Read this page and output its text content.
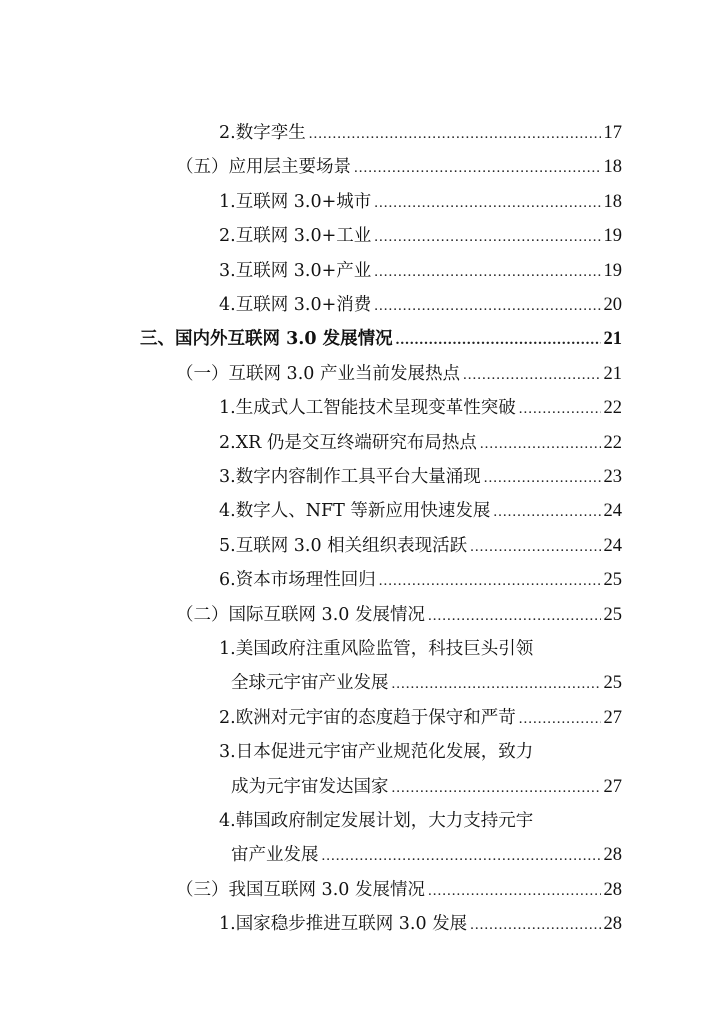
2.数字孪生 .....	17
（五）应用层主要场景 .....	18
1.互联网 3.0+城市 .....	18
2.互联网 3.0+工业 .....	19
3.互联网 3.0+产业 .....	19
4.互联网 3.0+消费 .....	20
三、国内外互联网 3.0 发展情况 .....	21
（一）互联网 3.0 产业当前发展热点 .....	21
1.生成式人工智能技术呈现变革性突破 .....	22
2.XR 仍是交互终端研究布局热点 .....	22
3.数字内容制作工具平台大量涌现 .....	23
4.数字人、NFT 等新应用快速发展 .....	24
5.互联网 3.0 相关组织表现活跃 .....	24
6.资本市场理性回归 .....	25
（二）国际互联网 3.0 发展情况 .....	25
1.美国政府注重风险监管，科技巨头引领
全球元宇宙产业发展 .....	25
2.欧洲对元宇宙的态度趋于保守和严苛 .....	27
3.日本促进元宇宙产业规范化发展，致力
成为元宇宙发达国家 .....	27
4.韩国政府制定发展计划，大力支持元宇
宙产业发展 .....	28
（三）我国互联网 3.0 发展情况 .....	28
1.国家稳步推进互联网 3.0 发展 .....	28
